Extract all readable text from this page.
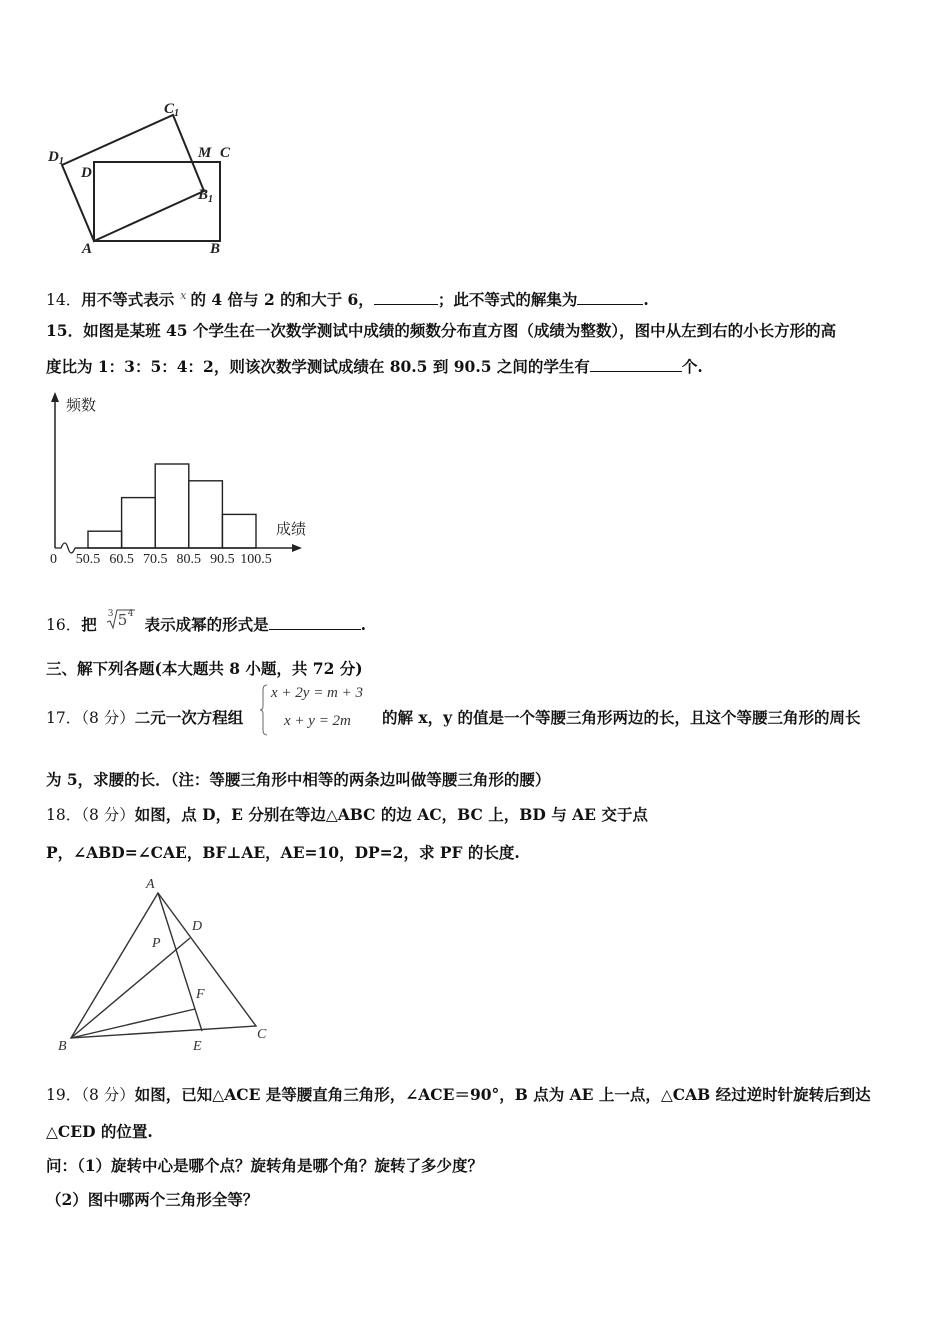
$C_1$
$D_1$
M C
D
$B_1$
A	B
14．用不等式表示 $^x$ 的 4 倍与 2 的和大于 6，	；此不等式的解集为	.
15．如图是某班 45 个学生在一次数学测试中成绩的频数分布直方图（成绩为整数），图中从左到右的小长方形的高
度比为 1：3：5：4：2，则该次数学测试成绩在 80.5 到 90.5 之间的学生有	个.
频数
成绩
0 50.5 60.5 70.5 80.5 90.5 100.5
16．把
3 5 4
表示成幂的形式是	.
三、解下列各题(本大题共 8 小题，共 72 分)
17．（8 分）二元一次方程组
x + 2y = m + 3
x + y = 2m 的解 x，y 的值是一个等腰三角形两边的长，且这个等腰三角形的周长
为 5，求腰的长．（注：等腰三角形中相等的两条边叫做等腰三角形的腰）
18．（8 分）如图，点 D，E 分别在等边△ABC 的边 AC，BC 上，BD 与 AE 交于点
P，∠ABD=∠CAE，BF⊥AE，AE=10，DP=2，求 PF 的长度.
A
D
P
F
B	E
C
19．（8 分）如图，已知△ACE 是等腰直角三角形，∠ACE＝90°，B 点为 AE 上一点，△CAB 经过逆时针旋转后到达
△CED 的位置.
问：（1）旋转中心是哪个点？旋转角是哪个角？旋转了多少度？
（2）图中哪两个三角形全等？
